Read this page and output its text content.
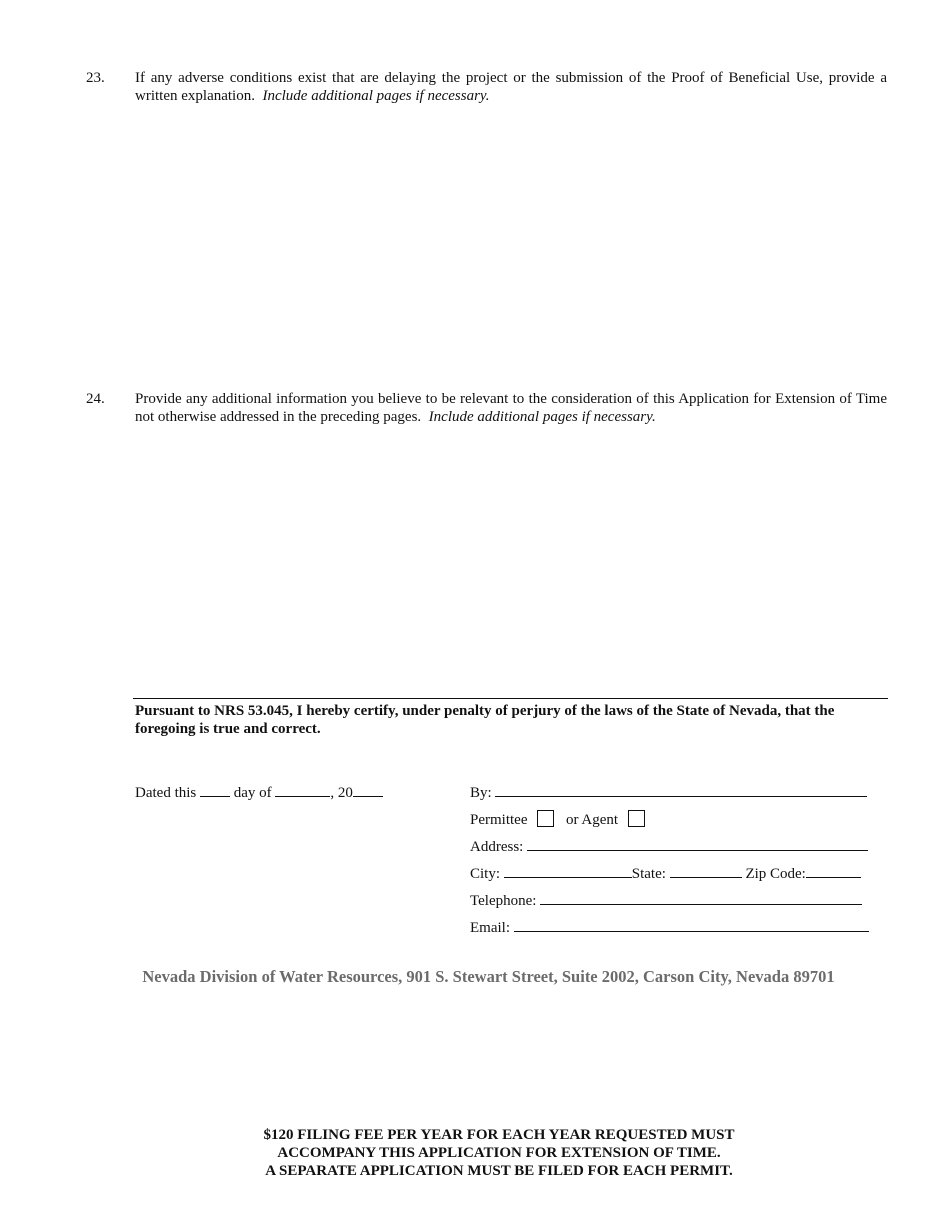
23. If any adverse conditions exist that are delaying the project or the submission of the Proof of Beneficial Use, provide a written explanation. Include additional pages if necessary.
24. Provide any additional information you believe to be relevant to the consideration of this Application for Extension of Time not otherwise addressed in the preceding pages. Include additional pages if necessary.
Pursuant to NRS 53.045, I hereby certify, under penalty of perjury of the laws of the State of Nevada, that the foregoing is true and correct.
Dated this	day of	, 20	By:
Permittee	or Agent
Address:
City:	State:	Zip Code:
Telephone:
Email:
Nevada Division of Water Resources, 901 S. Stewart Street, Suite 2002, Carson City, Nevada 89701
$120 FILING FEE PER YEAR FOR EACH YEAR REQUESTED MUST
ACCOMPANY THIS APPLICATION FOR EXTENSION OF TIME.
A SEPARATE APPLICATION MUST BE FILED FOR EACH PERMIT.
